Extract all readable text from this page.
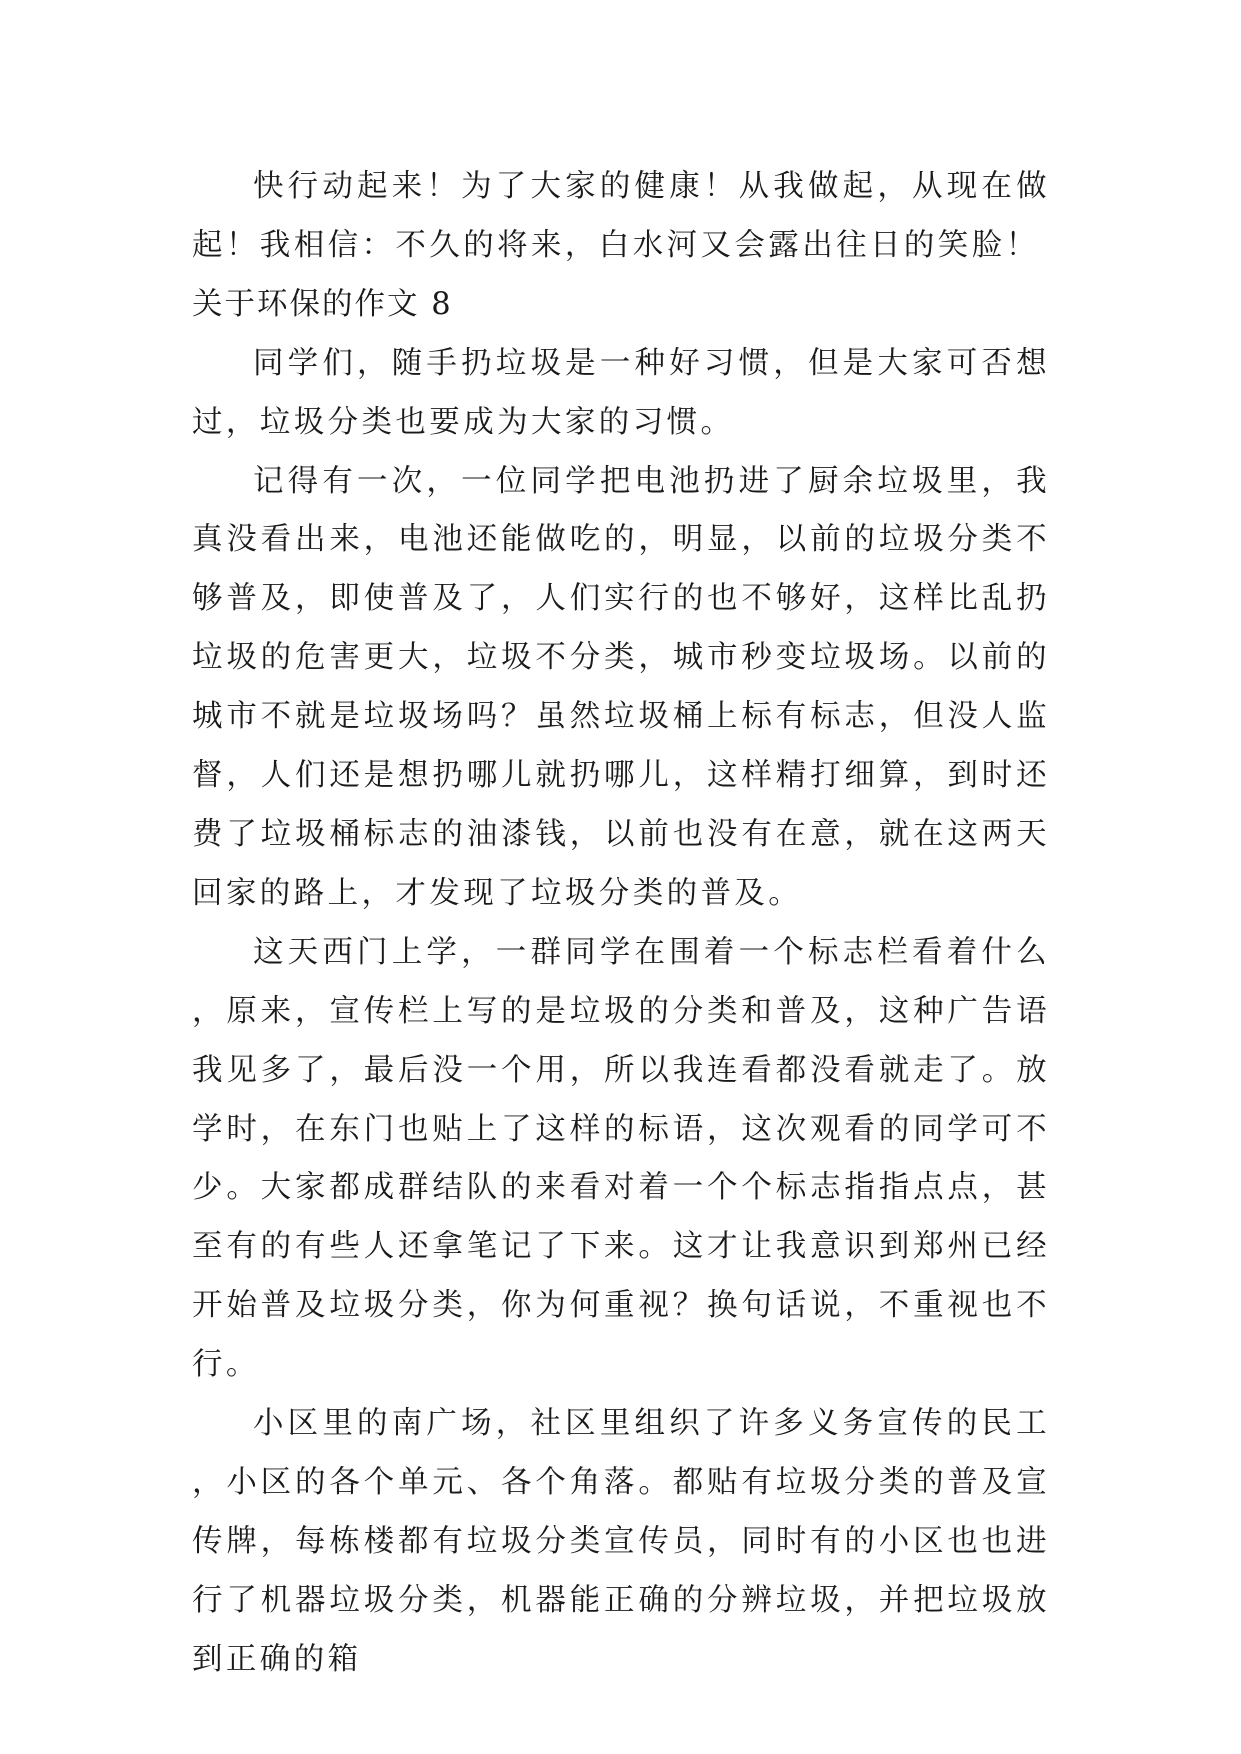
快行动起来！为了大家的健康！从我做起，从现在做起！我相信：不久的将来，白水河又会露出往日的笑脸！

关于环保的作文 8

同学们，随手扔垃圾是一种好习惯，但是大家可否想过，垃圾分类也要成为大家的习惯。

记得有一次，一位同学把电池扔进了厨余垃圾里，我真没看出来，电池还能做吃的，明显，以前的垃圾分类不够普及，即使普及了，人们实行的也不够好，这样比乱扔垃圾的危害更大，垃圾不分类，城市秒变垃圾场。以前的城市不就是垃圾场吗？虽然垃圾桶上标有标志，但没人监督，人们还是想扔哪儿就扔哪儿，这样精打细算，到时还费了垃圾桶标志的油漆钱，以前也没有在意，就在这两天回家的路上，才发现了垃圾分类的普及。

这天西门上学，一群同学在围着一个标志栏看着什么，原来，宣传栏上写的是垃圾的分类和普及，这种广告语我见多了，最后没一个用，所以我连看都没看就走了。放学时，在东门也贴上了这样的标语，这次观看的同学可不少。大家都成群结队的来看对着一个个标志指指点点，甚至有的有些人还拿笔记了下来。这才让我意识到郑州已经开始普及垃圾分类，你为何重视？换句话说，不重视也不行。

小区里的南广场，社区里组织了许多义务宣传的民工，小区的各个单元、各个角落。都贴有垃圾分类的普及宣传牌，每栋楼都有垃圾分类宣传员，同时有的小区也也进行了机器垃圾分类，机器能正确的分辨垃圾，并把垃圾放到正确的箱
